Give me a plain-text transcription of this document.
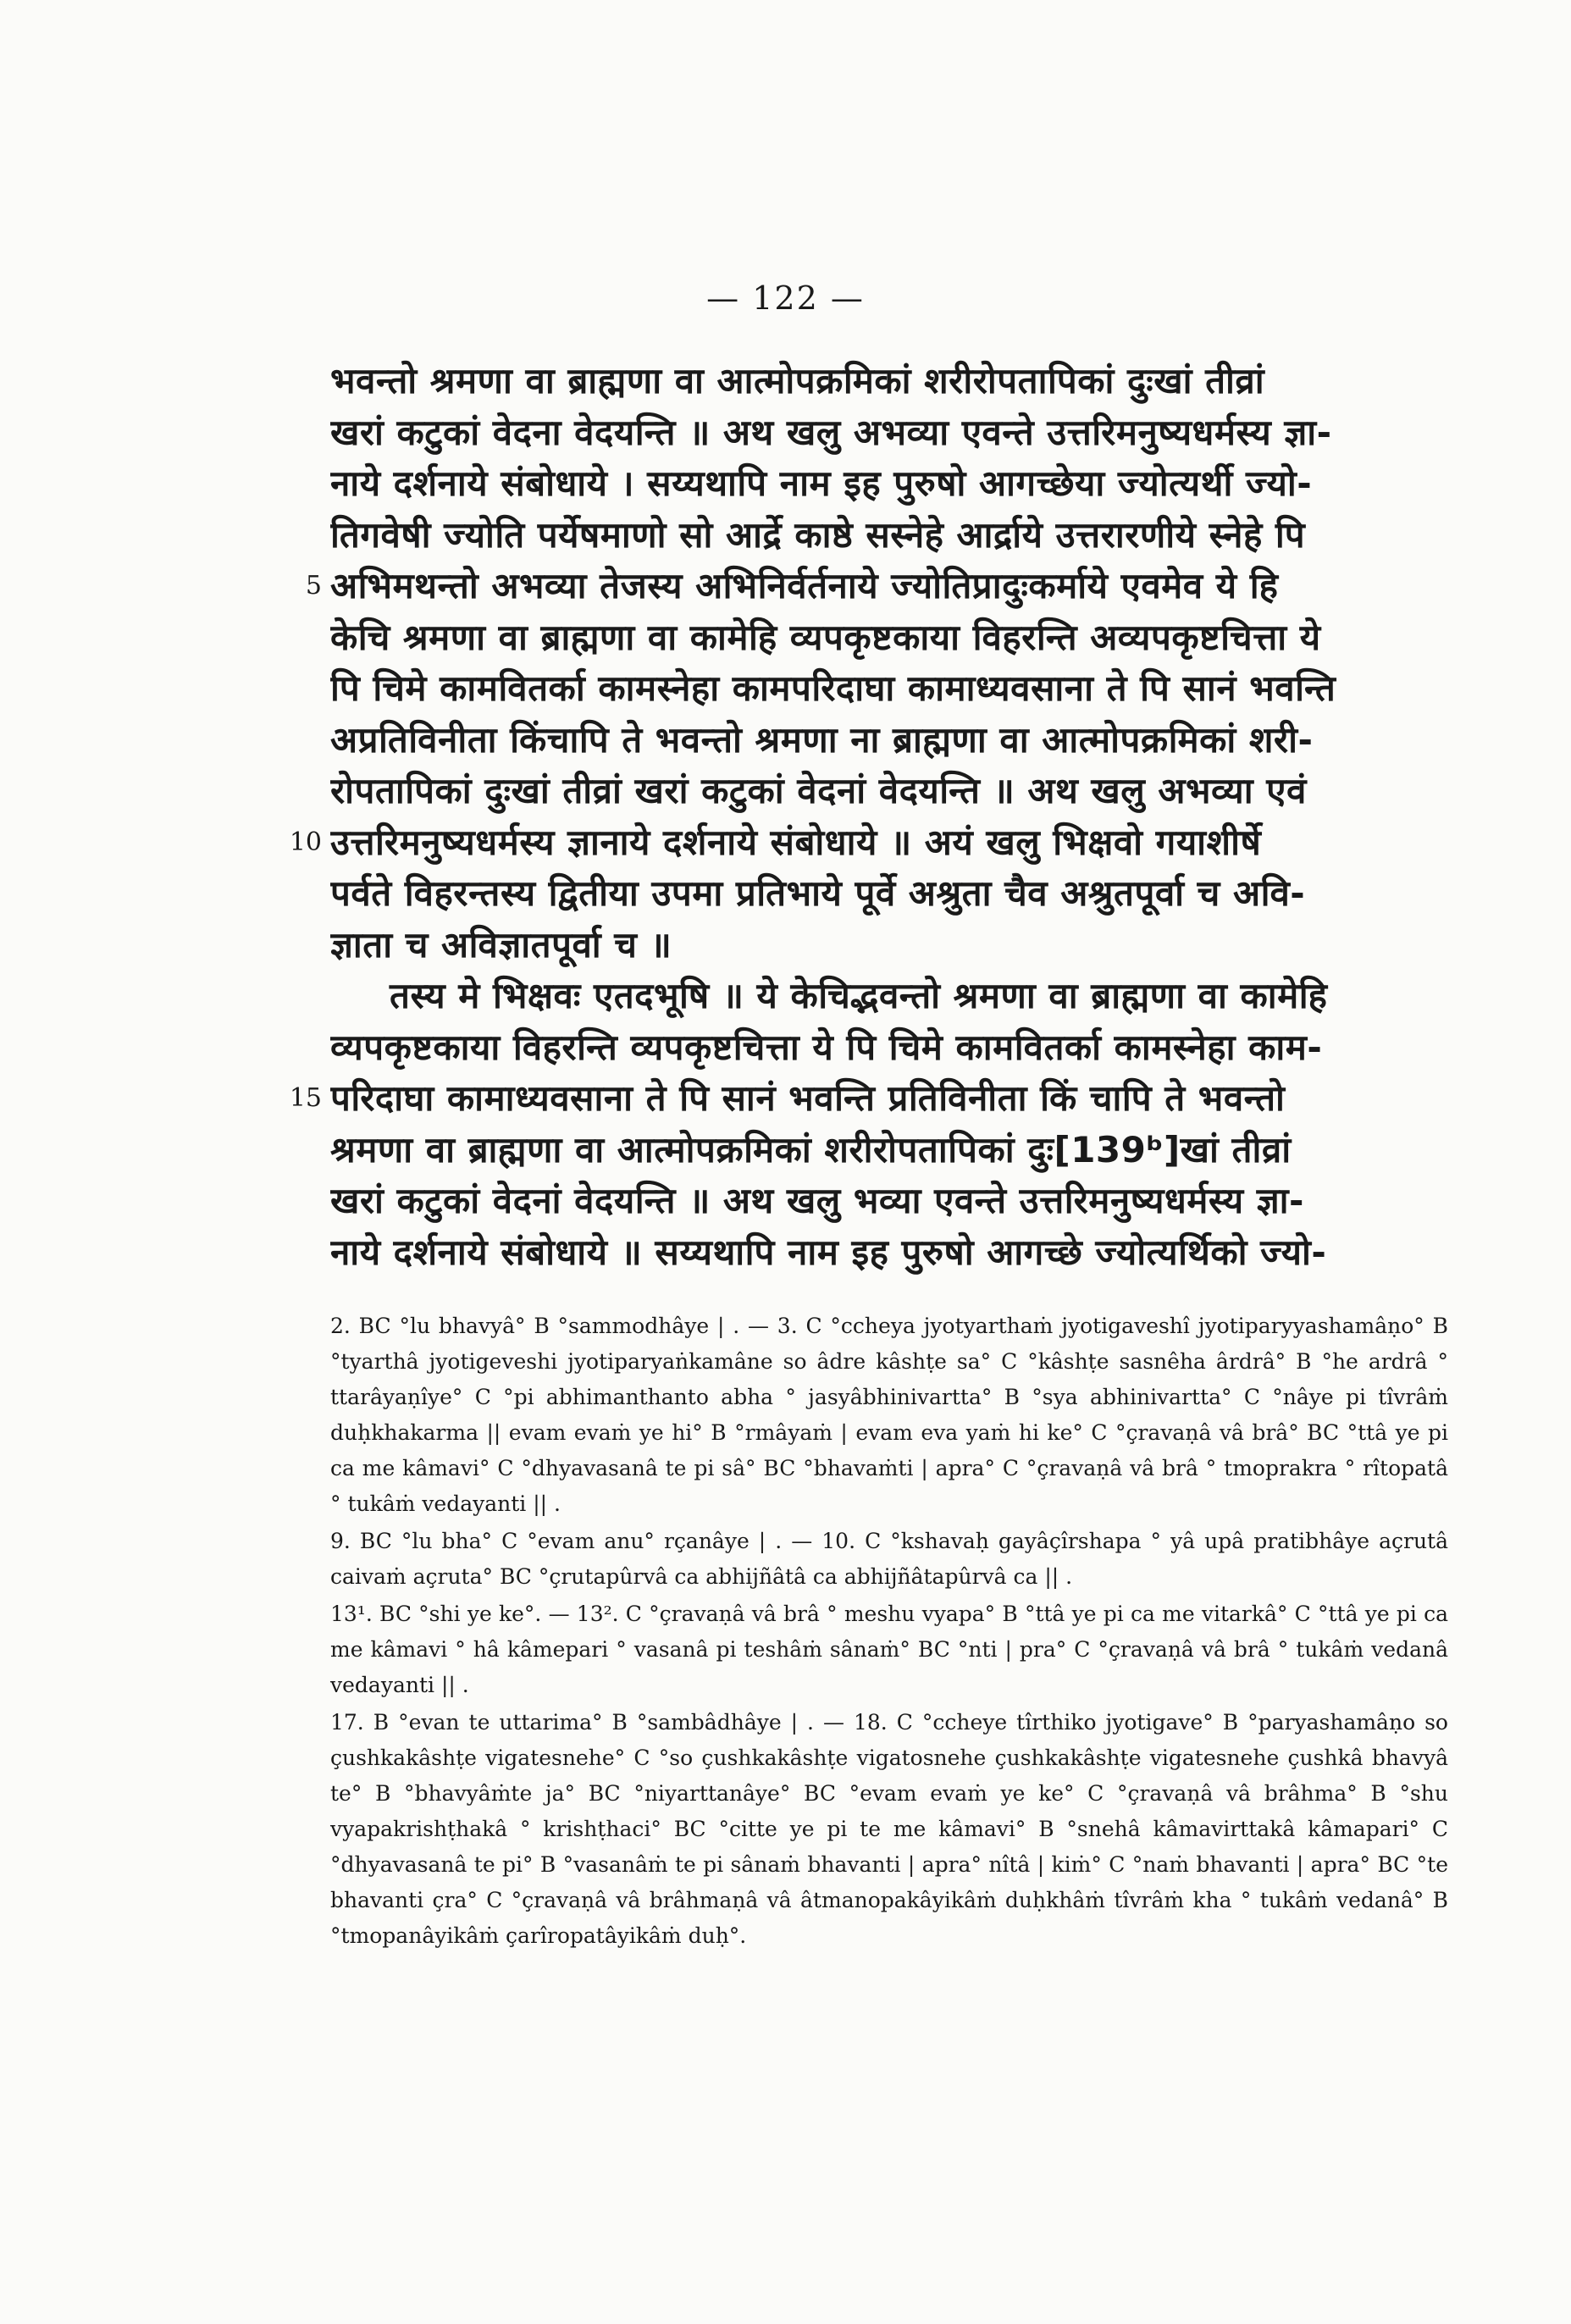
— 122 —
भवन्तो श्रमणा वा ब्राह्मणा वा आत्मोपक्रमिकां शरीरोपतापिकां दुःखां तीव्रां
खरां कटुकां वेदना वेदयन्ति ॥ अथ खलु अभव्या एवन्ते उत्तरिमनुष्यधर्मस्य ज्ञा-
नाये दर्शनाये संबोधाये । सय्यथापि नाम इह पुरुषो आगच्छेया ज्योत्यर्थी ज्यो-
तिगवेषी ज्योति पर्येषमाणो सो आर्द्रे काष्ठे सस्नेहे आर्द्राये उत्तरारणीये स्नेहे पि
अभिमथन्तो अभव्या तेजस्य अभिनिर्वर्तनाये ज्योतिप्रादुःकर्माये एवमेव ये हि
केचि श्रमणा वा ब्राह्मणा वा कामेहि व्यपकृष्टकाया विहरन्ति अव्यपकृष्टचित्ता ये
पि चिमे कामवितर्का कामस्नेहा कामपरिदाघा कामाध्यवसाना ते पि सानं भवन्ति
अप्रतिविनीता किंचापि ते भवन्तो श्रमणा ना ब्राह्मणा वा आत्मोपक्रमिकां शरी-
रोपतापिकां दुःखां तीव्रां खरां कटुकां वेदनां वेदयन्ति ॥ अथ खलु अभव्या एवं
उत्तरिमनुष्यधर्मस्य ज्ञानाये दर्शनाये संबोधाये ॥ अयं खलु भिक्षवो गयाशीर्षे
पर्वते विहरन्तस्य द्वितीया उपमा प्रतिभाये पूर्वे अश्रुता चैव अश्रुतपूर्वा च अवि-
ज्ञाता च अविज्ञातपूर्वा च ॥
तस्य मे भिक्षवः एतदभूषि ॥ ये केचिद्भवन्तो श्रमणा वा ब्राह्मणा वा कामेहि
व्यपकृष्टकाया विहरन्ति व्यपकृष्टचित्ता ये पि चिमे कामवितर्का कामस्नेहा काम-
परिदाघा कामाध्यवसाना ते पि सानं भवन्ति प्रतिविनीता किं चापि ते भवन्तो
श्रमणा वा ब्राह्मणा वा आत्मोपक्रमिकां शरीरोपतापिकां दुः[139ᵇ]खां तीव्रां
खरां कटुकां वेदनां वेदयन्ति ॥ अथ खलु भव्या एवन्ते उत्तरिमनुष्यधर्मस्य ज्ञा-
नाये दर्शनाये संबोधाये ॥ सय्यथापि नाम इह पुरुषो आगच्छे ज्योत्यर्थिको ज्यो-
5
10
15

2. BC °lu bhavyâ° B °sammodhâye | . — 3. C °ccheya jyotyarthaṁ jyotigaveshî jyotiparyyashamâṇo° B °tyarthâ jyotigeveshi jyotiparyaṅkamâne so âdre kâshṭe sa° C °kâshṭe sasnêha ârdrâ° B °he ardrâ ° ttarâyaṇîye° C °pi abhimanthanto abha ° jasyâbhinivartta° B °sya abhinivartta° C °nâye pi tîvrâṁ duḥkhakarma || evam evaṁ ye hi° B °rmâyaṁ | evam eva yaṁ hi ke° C °çravaṇâ vâ brâ° BC °ttâ ye pi ca me kâmavi° C °dhyavasanâ te pi sâ° BC °bhavaṁti | apra° C °çravaṇâ vâ brâ ° tmoprakra ° rîtopatâ ° tukâṁ vedayanti || .

9. BC °lu bha° C °evam anu° rçanâye | . — 10. C °kshavaḥ gayâçîrshapa ° yâ upâ pratibhâye açrutâ caivaṁ açruta° BC °çrutapûrvâ ca abhijñâtâ ca abhijñâtapûrvâ ca || .

13¹. BC °shi ye ke°. — 13². C °çravaṇâ vâ brâ ° meshu vyapa° B °ttâ ye pi ca me vitarkâ° C °ttâ ye pi ca me kâmavi ° hâ kâmepari ° vasanâ pi teshâṁ sânaṁ° BC °nti | pra° C °çravaṇâ vâ brâ ° tukâṁ vedanâ vedayanti || .

17. B °evan te uttarima° B °sambâdhâye | . — 18. C °ccheye tîrthiko jyotigave° B °paryashamâṇo so çushkakâshṭe vigatesnehe° C °so çushkakâshṭe vigatosnehe çushkakâshṭe vigatesnehe çushkâ bhavyâ te° B °bhavyâṁte ja° BC °niyarttanâye° BC °evam evaṁ ye ke° C °çravaṇâ vâ brâhma° B °shu vyapakrishṭhakâ ° krishṭhaci° BC °citte ye pi te me kâmavi° B °snehâ kâmavirttakâ kâmapari° C °dhyavasanâ te pi° B °vasanâṁ te pi sânaṁ bhavanti | apra° nîtâ | kiṁ° C °naṁ bhavanti | apra° BC °te bhavanti çra° C °çravaṇâ vâ brâhmaṇâ vâ âtmanopakâyikâṁ duḥkhâṁ tîvrâṁ kha ° tukâṁ vedanâ° B °tmopanâyikâṁ çarîropatâyikâṁ duḥ°.
